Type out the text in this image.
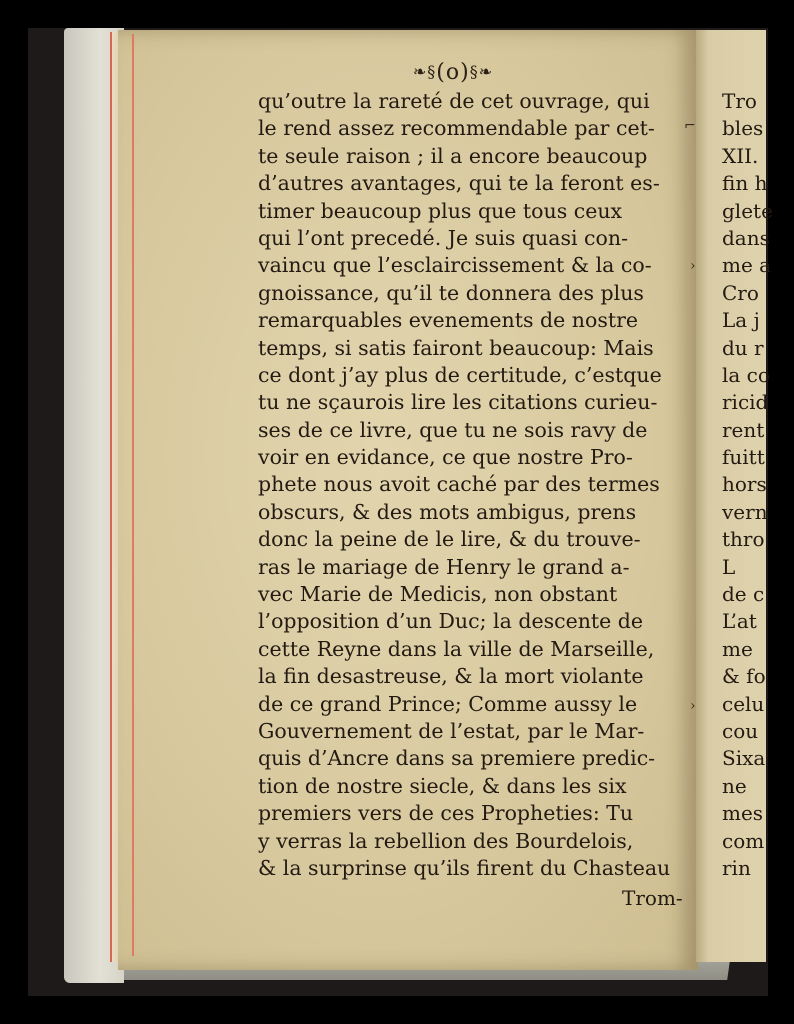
❧§(o)§❧
qu’outre la rareté de cet ouvrage, qui
le rend assez recommendable par cet-
te seule raison ; il a encore beaucoup
d’autres avantages, qui te la feront es-
timer beaucoup plus que tous ceux
qui l’ont precedé. Je suis quasi con-
vaincu que l’esclaircissement & la co-
gnoissance, qu’il te donnera des plus
remarquables evenements de nostre
temps, si satis fairont beaucoup: Mais
ce dont j’ay plus de certitude, c’estque
tu ne sçaurois lire les citations curieu-
ses de ce livre, que tu ne sois ravy de
voir en evidance, ce que nostre Pro-
phete nous avoit caché par des termes
obscurs, & des mots ambigus, prens
donc la peine de le lire, & du trouve-
ras le mariage de Henry le grand a-
vec Marie de Medicis, non obstant
l’opposition d’un Duc; la descente de
cette Reyne dans la ville de Marseille,
la fin desastreuse, & la mort violante
de ce grand Prince; Comme aussy le
Gouvernement de l’estat, par le Mar-
quis d’Ancre dans sa premiere predic-
tion de nostre siecle, & dans les six
premiers vers de ces Propheties: Tu
y verras la rebellion des Bourdelois,
& la surprinse qu’ils firent du Chasteau
Trom-
Tro
bles
XII.
fin h
glete
dans
me a
Cro
La j
du r
la co
ricid
rent
fuitt
hors
vern
thro
L
de c
L’at
me
& fo
celu
cou
Sixa
ne
mes
com
rin
⌐
›
›
